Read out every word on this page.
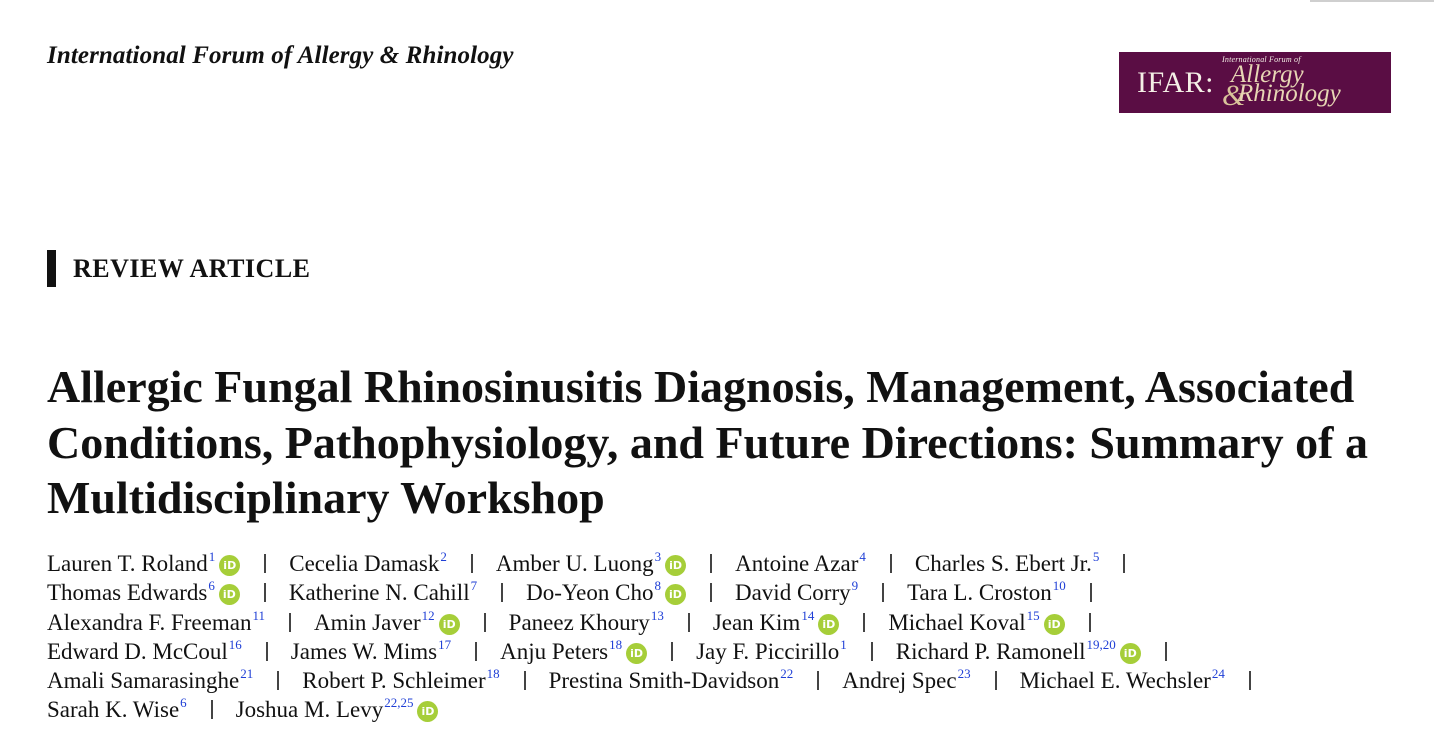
International Forum of Allergy & Rhinology
IFAR:
International Forum of
Allergy
&
Rhinology
REVIEW ARTICLE
Allergic Fungal Rhinosinusitis Diagnosis, Management, Associated Conditions, Pathophysiology, and Future Directions: Summary of a Multidisciplinary Workshop
Lauren T. Roland$^1$iD Cecelia Damask$^2$ Amber U. Luong$^3$iD Antoine Azar$^4$ Charles S. Ebert Jr.$^5$
Thomas Edwards$^6$iD Katherine N. Cahill$^7$ Do-Yeon Cho$^8$iD David Corry$^9$ Tara L. Croston$^{10}$
Alexandra F. Freeman$^{11}$ Amin Javer$^{12}$iD Paneez Khoury$^{13}$ Jean Kim$^{14}$iD Michael Koval$^{15}$iD
Edward D. McCoul$^{16}$ James W. Mims$^{17}$ Anju Peters$^{18}$iD Jay F. Piccirillo$^1$ Richard P. Ramonell$^{19,20}$iD
Amali Samarasinghe$^{21}$ Robert P. Schleimer$^{18}$ Prestina Smith-Davidson$^{22}$ Andrej Spec$^{23}$ Michael E. Wechsler$^{24}$
Sarah K. Wise$^6$ Joshua M. Levy$^{22,25}$iD
